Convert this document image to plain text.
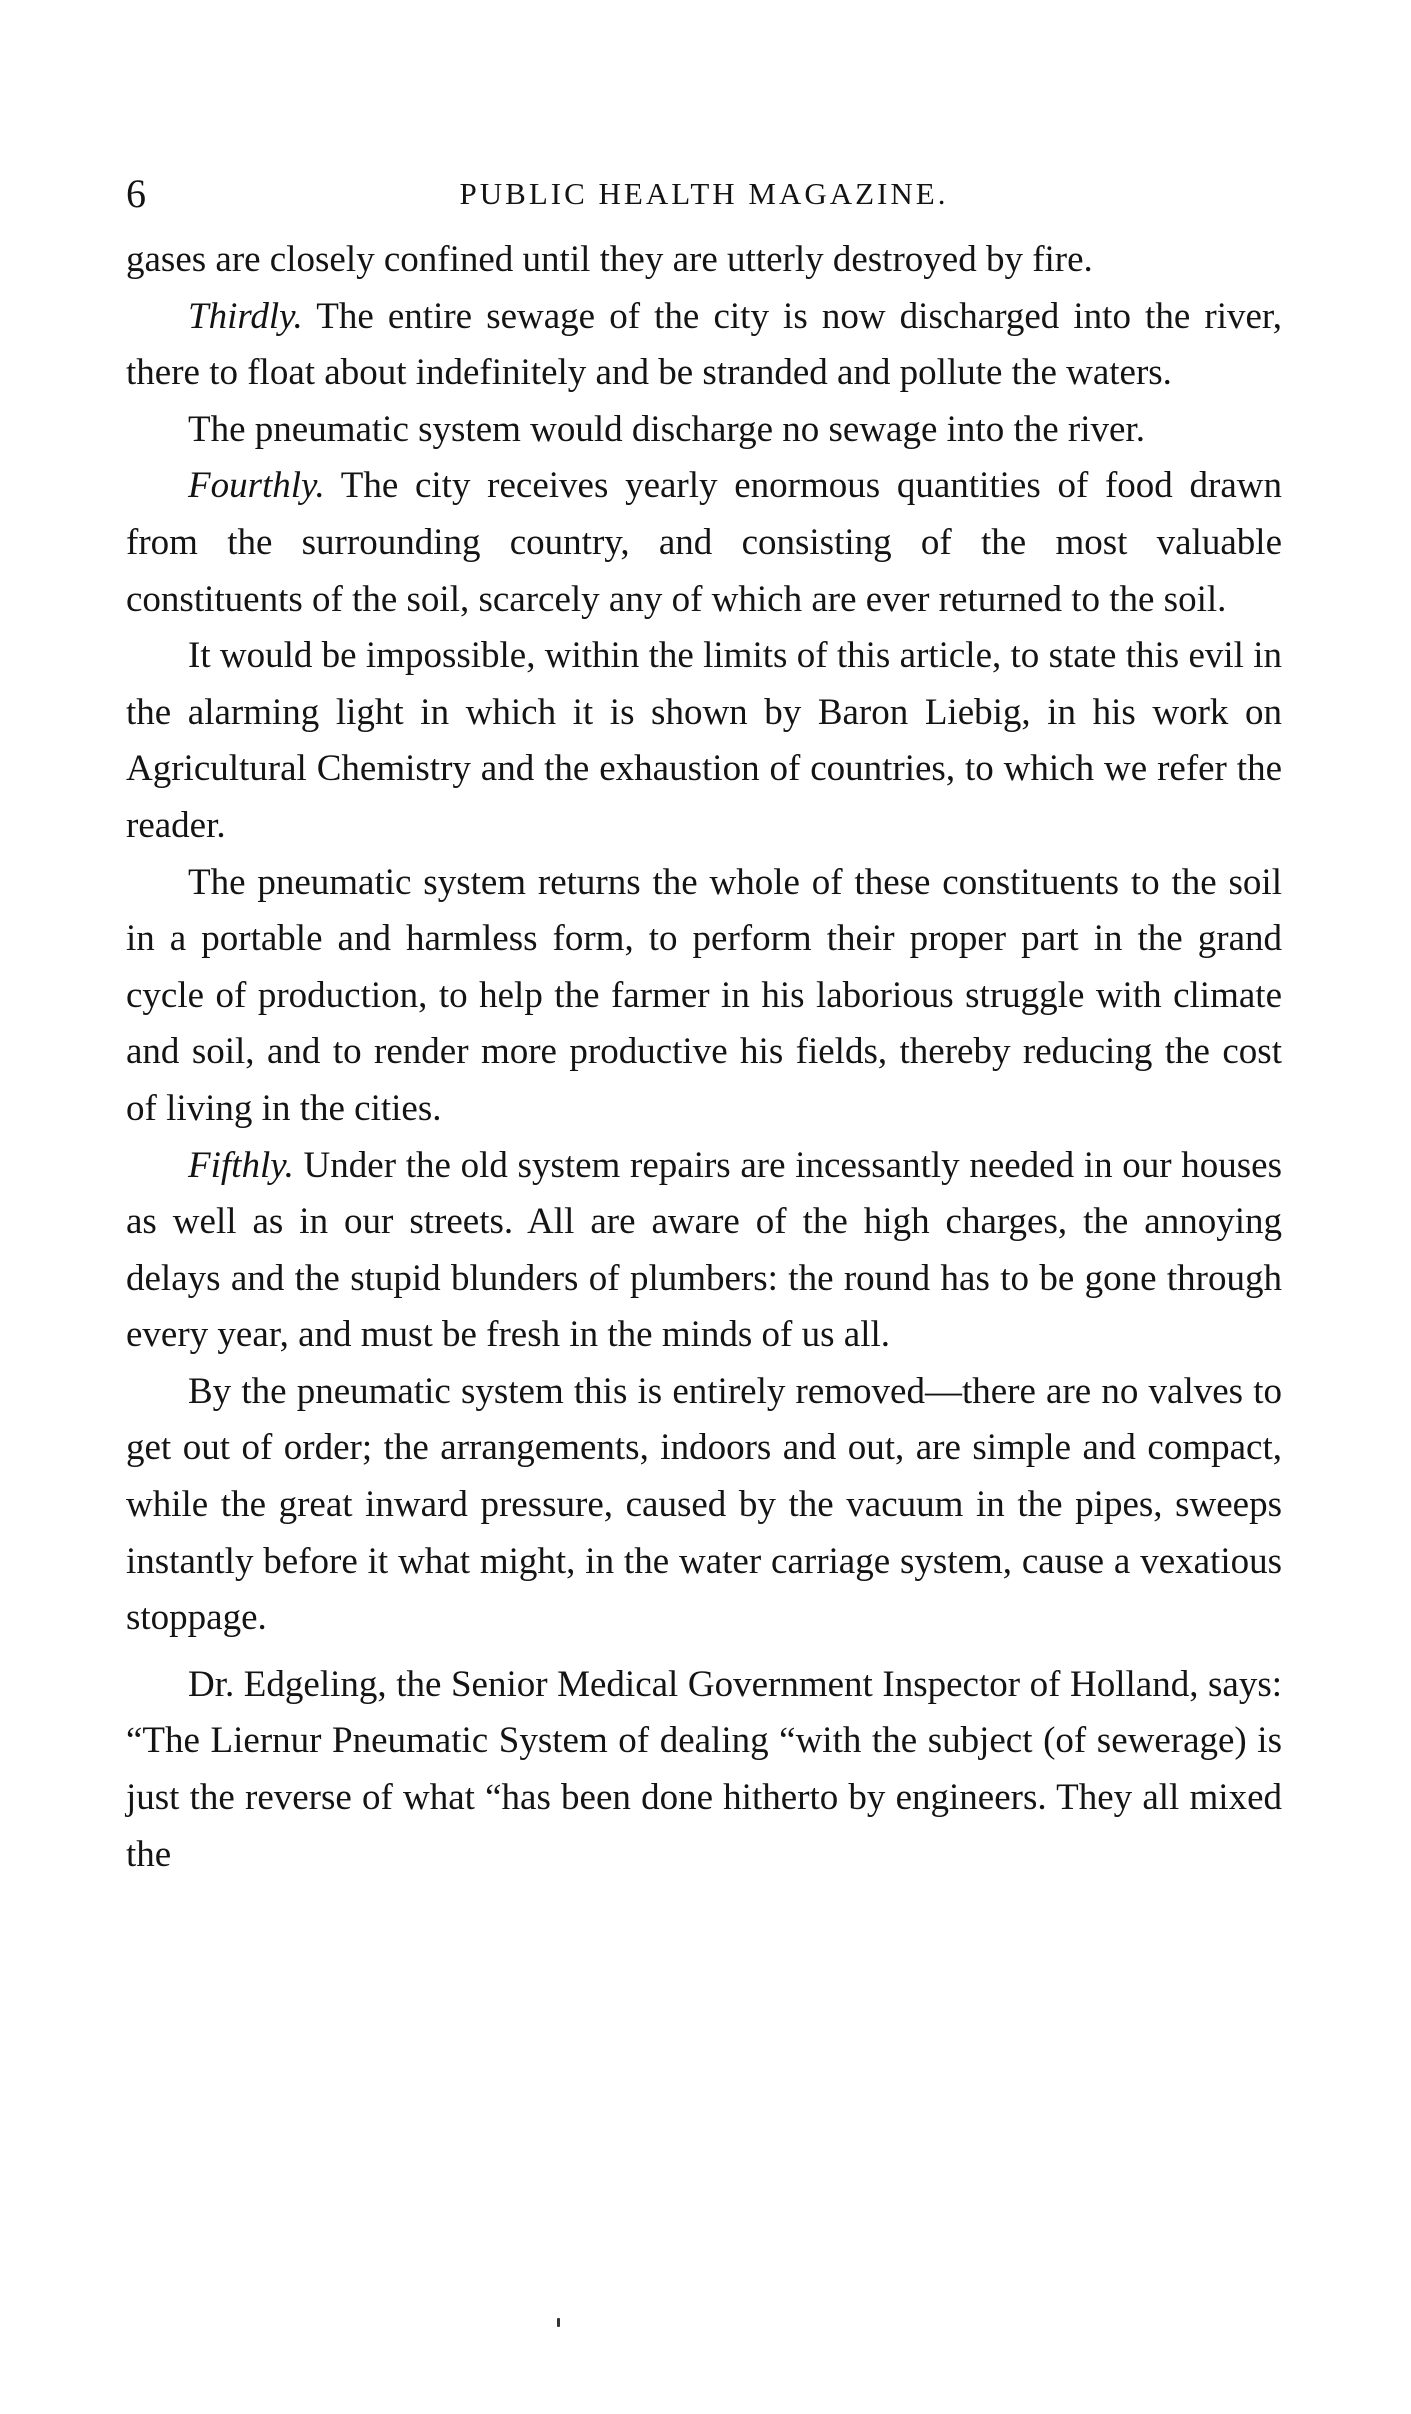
6	PUBLIC HEALTH MAGAZINE.

gases are closely confined until they are utterly destroyed by fire.

Thirdly. The entire sewage of the city is now discharged into the river, there to float about indefinitely and be stranded and pollute the waters.

The pneumatic system would discharge no sewage into the river.

Fourthly. The city receives yearly enormous quantities of food drawn from the surrounding country, and consisting of the most valuable constituents of the soil, scarcely any of which are ever returned to the soil.

It would be impossible, within the limits of this article, to state this evil in the alarming light in which it is shown by Baron Liebig, in his work on Agricultural Chemistry and the exhaustion of countries, to which we refer the reader.

The pneumatic system returns the whole of these constituents to the soil in a portable and harmless form, to perform their proper part in the grand cycle of production, to help the farmer in his laborious struggle with climate and soil, and to render more productive his fields, thereby reducing the cost of living in the cities.

Fifthly. Under the old system repairs are incessantly needed in our houses as well as in our streets. All are aware of the high charges, the annoying delays and the stupid blunders of plumbers: the round has to be gone through every year, and must be fresh in the minds of us all.

By the pneumatic system this is entirely removed—there are no valves to get out of order; the arrangements, indoors and out, are simple and compact, while the great inward pressure, caused by the vacuum in the pipes, sweeps instantly before it what might, in the water carriage system, cause a vexatious stoppage.

Dr. Edgeling, the Senior Medical Government Inspector of Holland, says: “The Liernur Pneumatic System of dealing “with the subject (of sewerage) is just the reverse of what “has been done hitherto by engineers. They all mixed the
